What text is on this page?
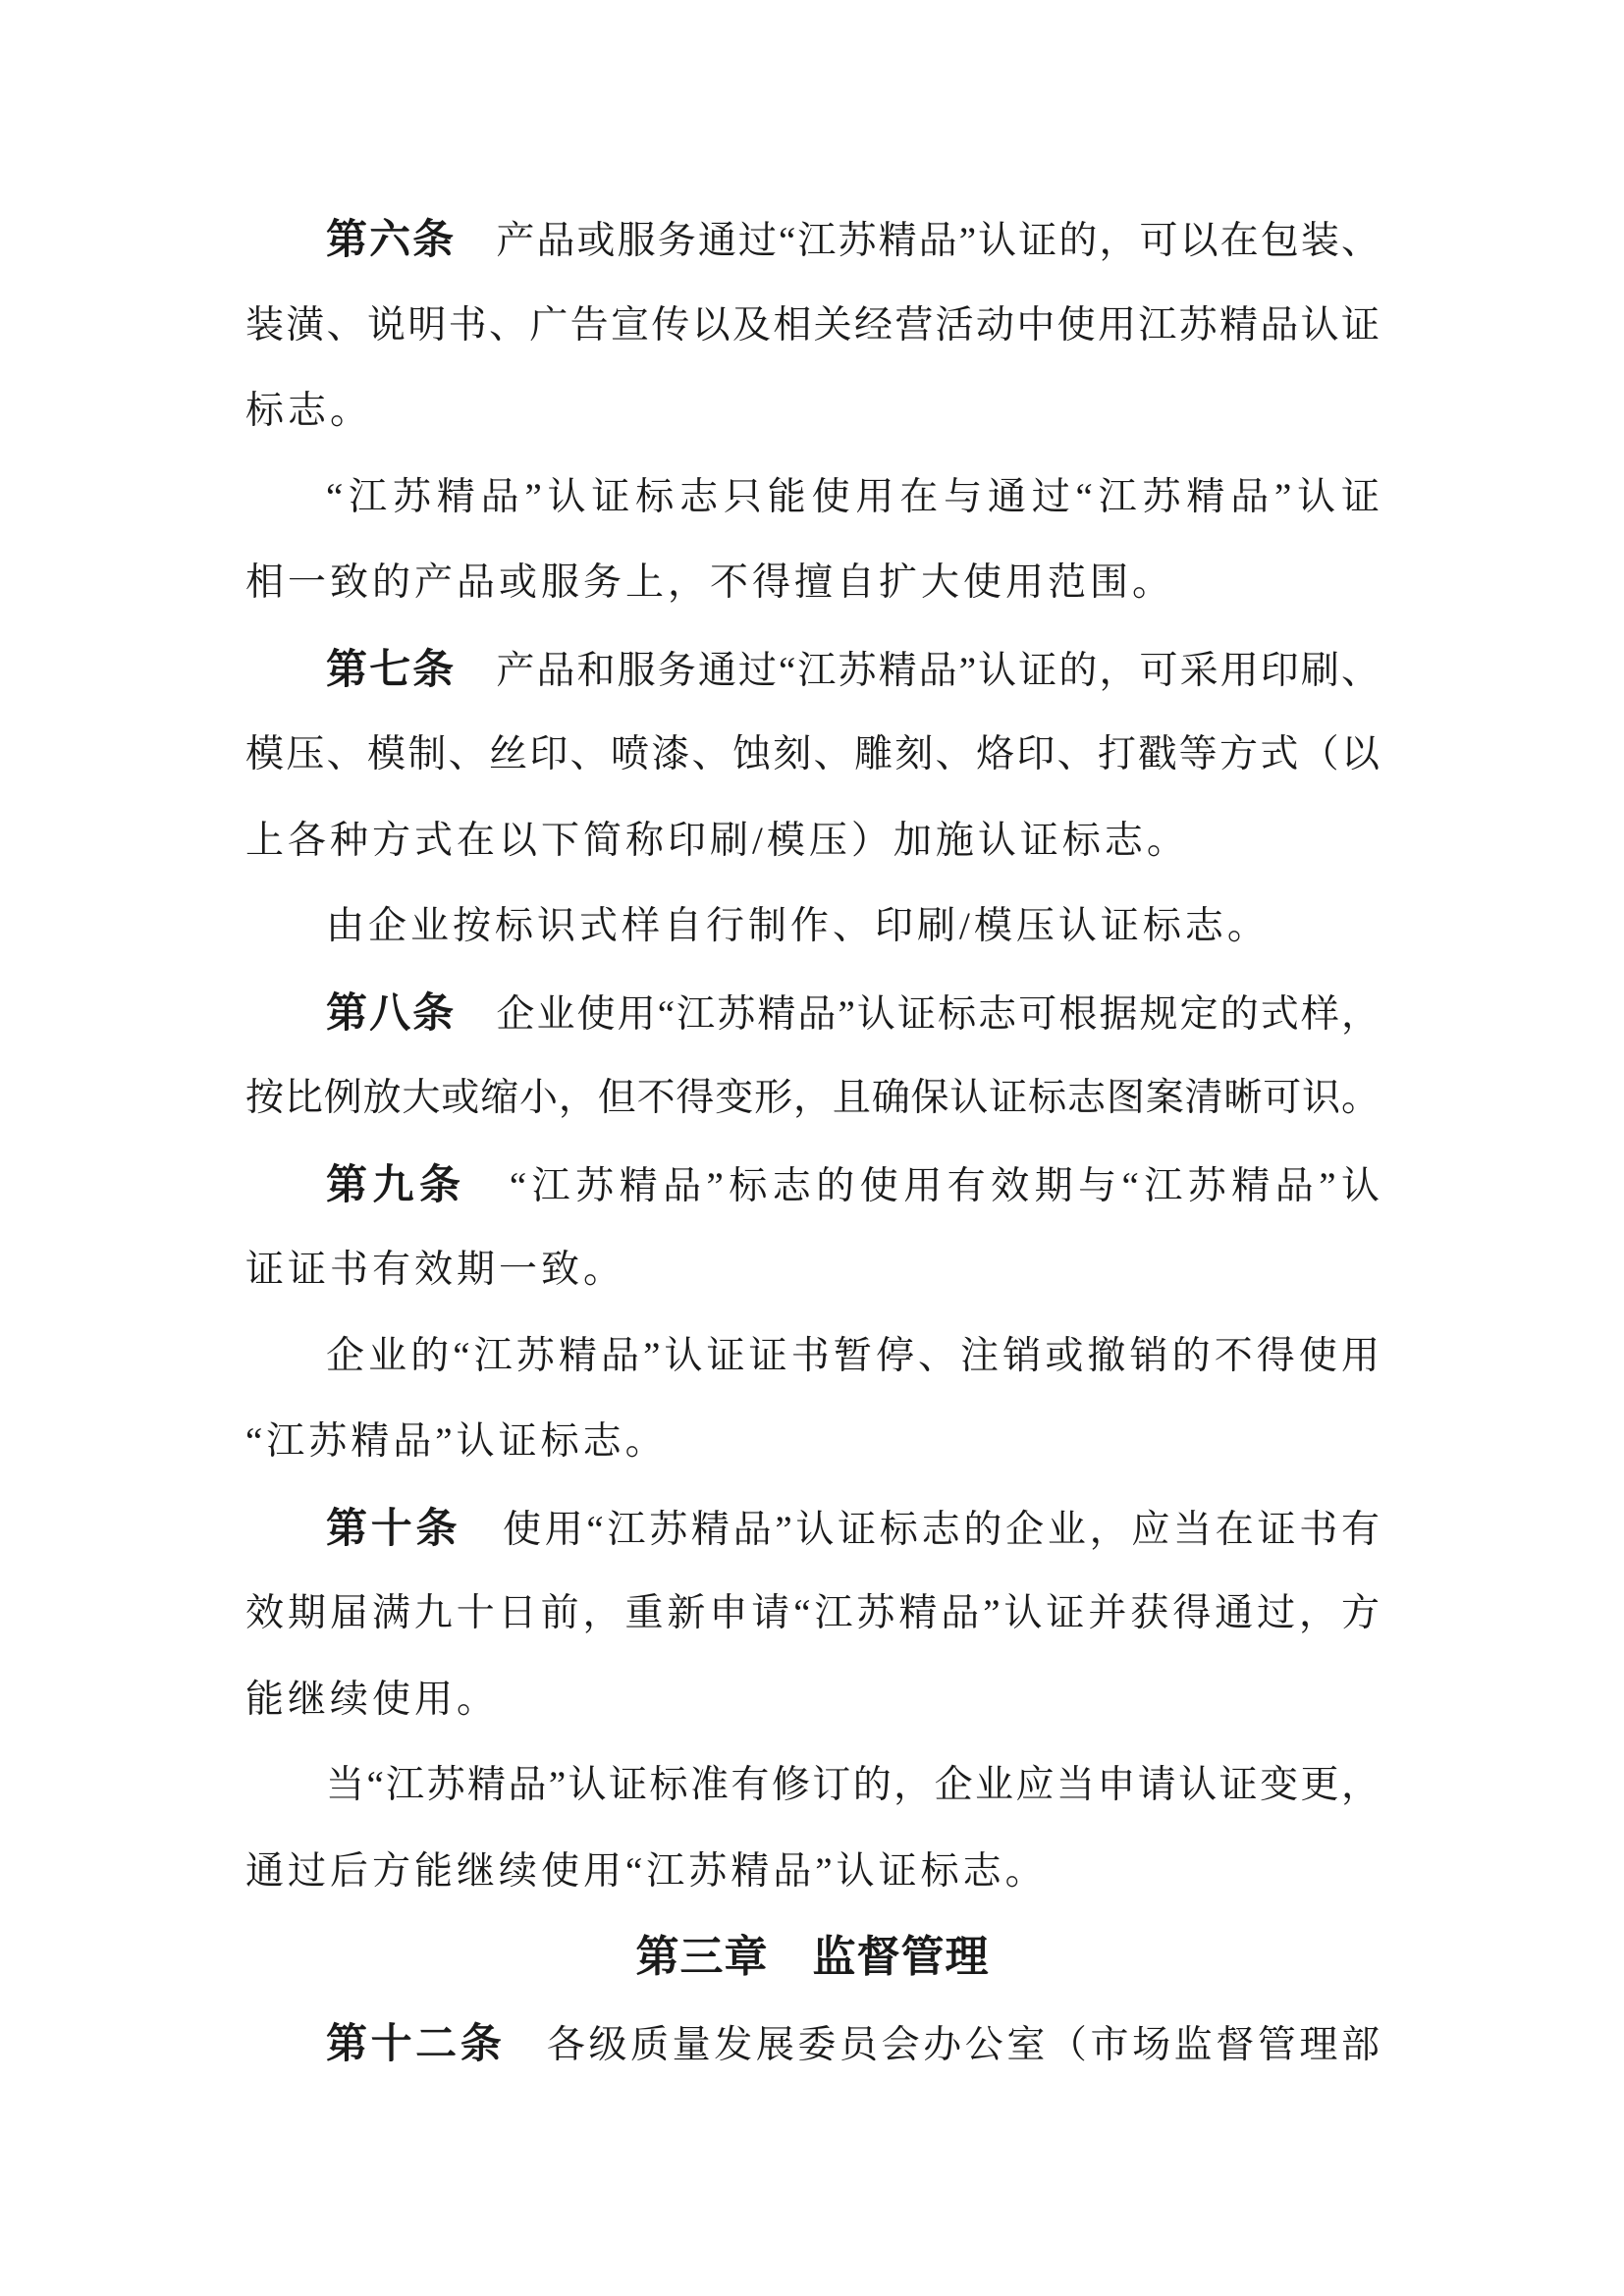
第六条　产品或服务通过“江苏精品”认证的，可以在包装、
装潢、说明书、广告宣传以及相关经营活动中使用江苏精品认证
标志。
“江苏精品”认证标志只能使用在与通过“江苏精品”认证
相一致的产品或服务上，不得擅自扩大使用范围。
第七条　产品和服务通过“江苏精品”认证的，可采用印刷、
模压、模制、丝印、喷漆、蚀刻、雕刻、烙印、打戳等方式（以
上各种方式在以下简称印刷/模压）加施认证标志。
由企业按标识式样自行制作、印刷/模压认证标志。
第八条　企业使用“江苏精品”认证标志可根据规定的式样，
按比例放大或缩小，但不得变形，且确保认证标志图案清晰可识。
第九条　“江苏精品”标志的使用有效期与“江苏精品”认
证证书有效期一致。
企业的“江苏精品”认证证书暂停、注销或撤销的不得使用
“江苏精品”认证标志。
第十条　使用“江苏精品”认证标志的企业，应当在证书有
效期届满九十日前，重新申请“江苏精品”认证并获得通过，方
能继续使用。
当“江苏精品”认证标准有修订的，企业应当申请认证变更，
通过后方能继续使用“江苏精品”认证标志。
第三章　监督管理
第十二条　各级质量发展委员会办公室（市场监督管理部
